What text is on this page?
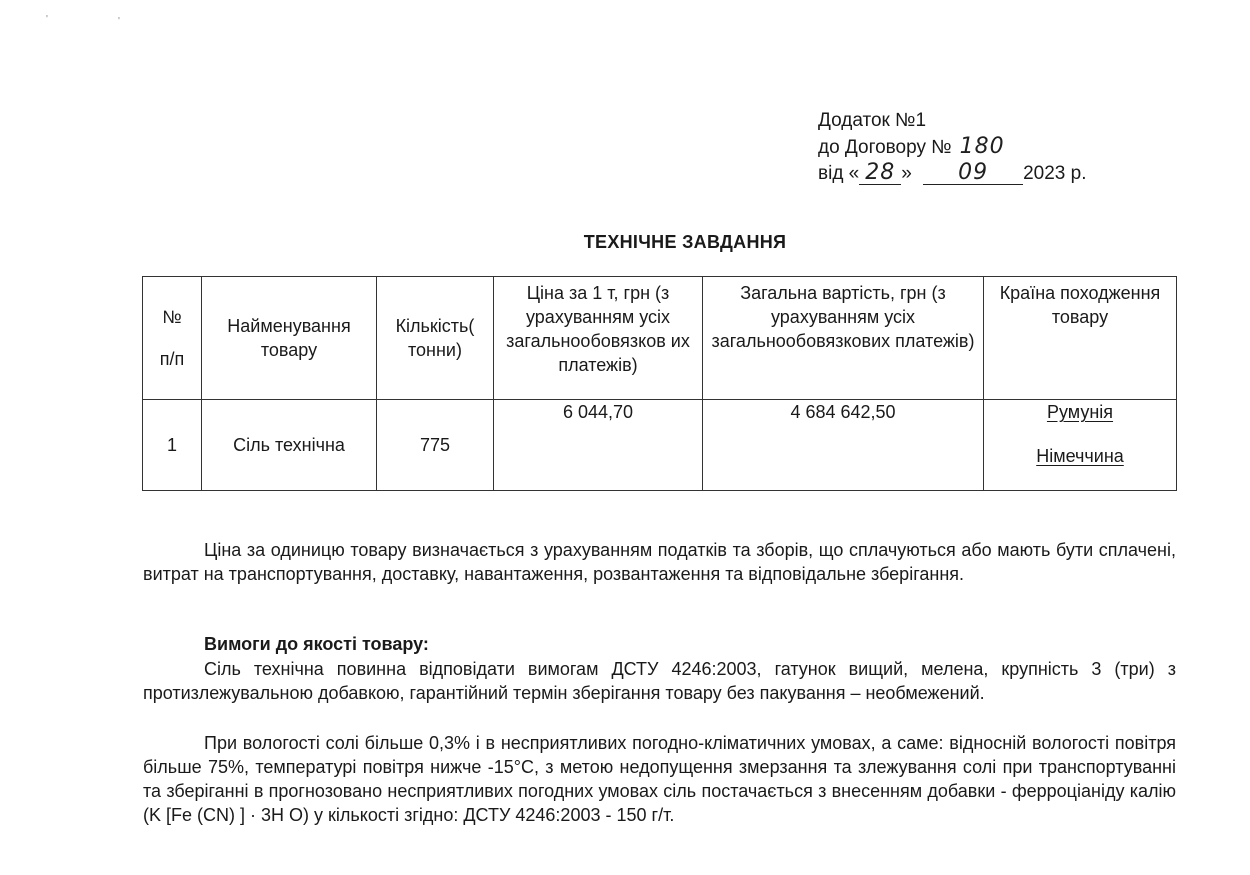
'	'
Додаток №1
до Договору № 180
від « 28 » 09 2023 р.
ТЕХНІЧНЕ ЗАВДАННЯ
№
п/п	Найменування товару	Кількість( тонни)	Ціна за 1 т, грн (з урахуванням усіх загальнообовязков их платежів)	Загальна вартість, грн (з урахуванням усіх загальнообовязкових платежів)	Країна походження товару
1	Сіль технічна	775	6 044,70	4 684 642,50	Румунія
Німеччина

Ціна за одиницю товару визначається з урахуванням податків та зборів, що сплачуються або мають бути сплачені, витрат на транспортування, доставку, навантаження, розвантаження та відповідальне зберігання.

Вимоги до якості товару:

Сіль технічна повинна відповідати вимогам ДСТУ 4246:2003, гатунок вищий, мелена, крупність 3 (три) з протизлежувальною добавкою, гарантійний термін зберігання товару без пакування – необмежений.

При вологості солі більше 0,3% і в несприятливих погодно-кліматичних умовах, а саме: відносній вологості повітря більше 75%, температурі повітря нижче -15°С, з метою недопущення змерзання та злежування солі при транспортуванні та зберіганні в прогнозовано несприятливих погодних умовах сіль постачається з внесенням добавки - ферроціаніду калію (K [Fe (CN) ] · 3Н О) у кількості згідно: ДСТУ 4246:2003 - 150 г/т.
